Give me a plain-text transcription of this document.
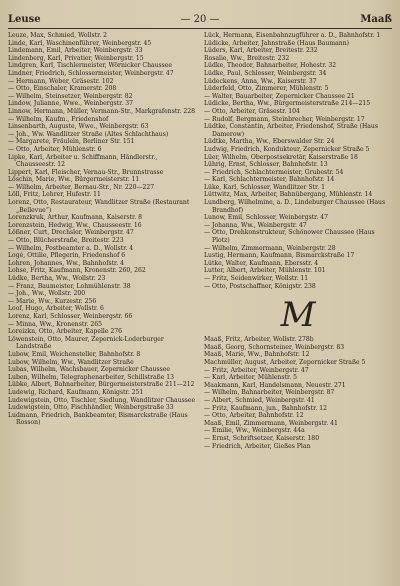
Leuse	— 20 —	Maaß

Leuze, Max, Schmied, Wollstr. 2

Linde, Karl, Waschinenführer, Weinbergstr. 45

Lindemann, Emil, Arbeiter, Weinbergstr. 33

Lindenberg, Karl, Privatier, Weinbergstr. 15

Lindgren, Karl, Tischlermeister, Wörnicker Chaussee

Lindner, Friedrich, Schlossermeister, Weinbergstr. 47

— Hermann, Weber, Gräsestr. 102

— Otto, Einschaler, Kramerstr. 208

— Wilhelm, Steinsetzer, Weinbergstr. 82

Lindow, Julianne, Wwe., Weinbergstr. 37

Linnow, Hermann, Müller, Vermann-Str., Markgrafenstr. 228

— Wilhelm, Kaufm., Friedenshof

Linsenbarth, Auguste, Wwe., Weinbergstr. 63

— Joh., Ww. Wandlitzer Straße (Altes Schlachthaus)

— Margarete, Fräulein, Berliner Str. 151

— Otto, Arbeiter, Mühlenstr. 6

Lipke, Karl, Arbeiter u. Schiffmann, Händlerstr., Chausseestr. 12

Lippert, Karl, Fleischer, Vernau-Str., Brunnstrasse

Löschin, Marie, Ww., Bürgermeisterstr. 11

— Wilhelm, Arbeiter, Bernau-Str., Nr. 220—227

Löll, Fritz, Lehrer, Hufestr. 11

Lorenz, Otto, Restaurateur, Wandlitzer Straße (Restaurant „Bellevue“)

Lorenzkruk, Arthur, Kaufmann, Kaiserstr. 8

Lorenzstein, Hedwig, Ww., Chausseestr. 16

Lößner, Curt, Drechsler, Weinbergstr. 47

— Otto, Blücherstraße, Breitestr. 223

— Wilhelm, Postbeamter a. D., Wollstr. 4

Logé, Ottilie, Pflegerin, Friedenshof 6

Lohren, Johannes, Ww., Bahnhofstr. 4

Lohse, Fritz, Kaufmann, Kronenstr. 260, 262

Lüdke, Bertha, Ww., Wollstr. 23

— Franz, Baumeister, Lohmühlenstr. 38

— Joh., Ww., Wollstr. 200

— Marie, Ww., Kurzestr. 256

Loof, Hugo, Arbeiter, Wollstr. 6

Lorenz, Karl, Schlosser, Weinbergstr. 66

— Minna, Ww., Kronenstr. 265

Loreizkn, Otto, Arbeiter, Kapelle 276

Löwenstein, Otto, Maurer, Zepernick-Loderburger Landstraße

Lubow, Emil, Weichensteller, Bahnhofstr. 8

Lubow, Wilhelm, Ww., Wandlitzer Straße

Lubas, Wilhelm, Wachsbauer, Zepernicker Chaussee

Luben, Wilhelm, Telegraphenarbeiter, Schillstraße 13

Lübke, Albert, Bahnarbeiter, Bürgermeisterstraße 211—212

Ludewig, Richard, Kaufmann, Königstr. 251

Ludewigstein, Otto, Tischler, Siedlung, Wandlitzer Chaussee

Ludewigstein, Otto, Fischhändler, Weinbergstraße 33

Ludmann, Friedrich, Bankbeamter, Bismarckstraße (Haus Rosson)

Lück, Hermann, Eisenbahnzugführer a. D., Bahnhofstr. 1

Lüdicke, Arbeiter, Jahnstraße (Haus Baumann)

Lüders, Karl, Arbeiter, Breitestr. 232

Rosalie, Ww., Breitestr. 232

Lüdke, Theodor, Bahnarbeiter, Hohestr. 32

Lüdke, Paul, Schlosser, Weinbergstr. 34

Lüdeckens, Anna, Ww., Kaiserstr. 37

Lüderfeld, Otto, Zimmerer, Mühlenstr. 5

— Walter, Bauarbeiter, Zepernicker Chaussee 21

Lüdicke, Bertha, Ww., Bürgermeisterstraße 214—215

— Otto, Arbeiter, Gräsestr. 104

— Rudolf, Bergmann, Steinbrecher, Weinbergstr. 17

Lüdtke, Constantin, Arbeiter, Friedenshof, Straße (Haus Damerow)

Lüdtke, Martha, Ww., Eberswalder Str. 24

Ludwig, Friedrich, Kondukteur, Zepernicker Straße 5

Lüer, Wilhelm, Oberpostsekretär, Kaiserstraße 18

Lührig, Ernst, Schlosser, Bahnhofstr. 13

— Friedrich, Schlachtermeister, Grubestr. 54

— Karl, Schlachtermeister, Bahnhofstr. 14

Lüke, Karl, Schlosser, Wandlitzer Str. 1

Lüttwitz, Max, Arbeiter, Bahnübergang, Mühlenstr. 14

Lundberg, Wilhelmine, a. D., Lindeburger Chaussee (Haus Brandhof)

Lunow, Emil, Schlosser, Weinbergstr. 47

— Johanna, Ww., Weinbergstr. 47

— Otto, Drehkonstrukteur, Schönower Chaussee (Haus Plotz)

— Wilhelm, Zimmermann, Weinbergstr. 28

Lustig, Hermann, Kaufmann, Bismarckstraße 17

Lütke, Walter, Kaufmann, Ebersstr. 4

Lutter, Albert, Arbeiter, Mühlenstr. 101

— Fritz, Seidenwirker, Wollstr. 11

— Otto, Postschaffner, Königstr. 238

M

Maaß, Fritz, Arbeiter, Wollstr. 278b

Maaß, Georg, Schornsteiner, Weinbergstr. 83

Maaß, Marie, Ww., Bahnhofstr. 12

Machmüller, August, Arbeiter, Zepernicker Straße 5

— Fritz, Arbeiter, Weinbergstr. 47

— Karl, Arbeiter, Mühlenstr. 5

Maakmann, Karl, Handelsmann, Neuestr. 271

— Wilhelm, Bahnarbeiter, Weinbergstr. 87

— Albert, Schmied, Weinbergstr. 41

— Fritz, Kaufmann, jun., Bahnhofstr. 12

— Otto, Arbeiter, Bahnhofstr. 12

Maaß, Emil, Zimmermann, Weinbergstr. 41

— Emilie, Ww., Weinbergstr. 44a

— Ernst, Schriftsetzer, Kaiserstr. 180

— Friedrich, Arbeiter, Gießes Plan
